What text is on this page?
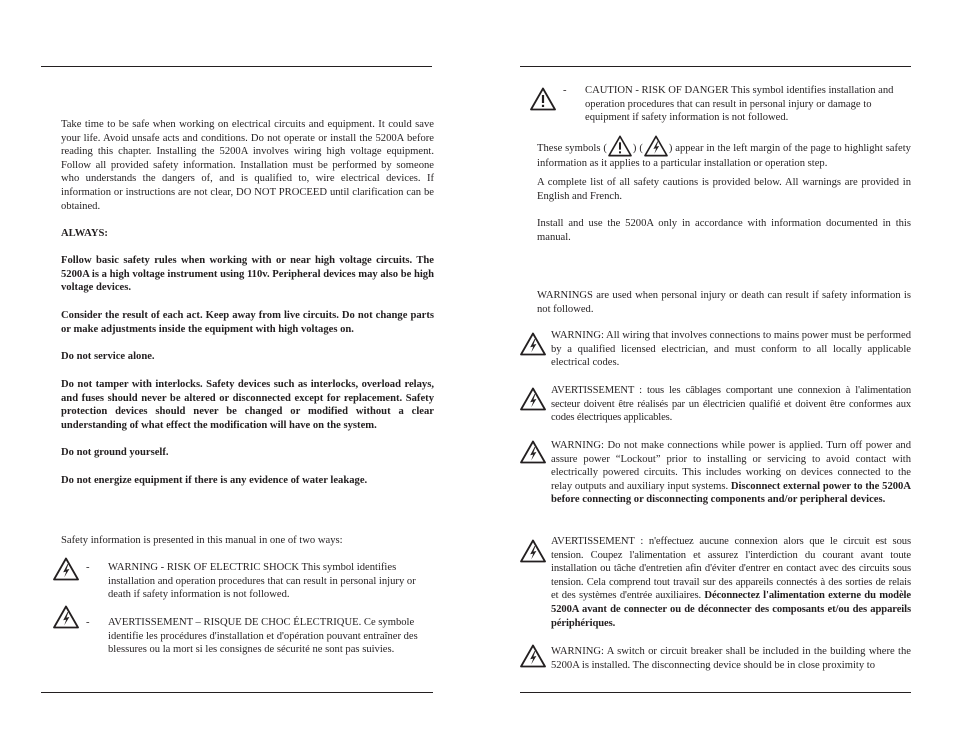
Take time to be safe when working on electrical circuits and equipment. It could save your life. Avoid unsafe acts and conditions. Do not operate or install the 5200A before reading this chapter. Installing the 5200A involves wiring high voltage equipment. Follow all provided safety information. Installation must be performed by someone who understands the dangers of, and is qualified to, wire electrical devices. If information or instructions are not clear, DO NOT PROCEED until clarification can be obtained.

ALWAYS:

Follow basic safety rules when working with or near high voltage circuits. The 5200A is a high voltage instrument using 110v. Peripheral devices may also be high voltage devices.

Consider the result of each act. Keep away from live circuits. Do not change parts or make adjustments inside the equipment with high voltages on.

Do not service alone.

Do not tamper with interlocks. Safety devices such as interlocks, overload relays, and fuses should never be altered or disconnected except for replacement. Safety protection devices should never be changed or modified without a clear understanding of what effect the modification will have on the system.

Do not ground yourself.

Do not energize equipment if there is any evidence of water leakage.

Safety information is presented in this manual in one of two ways:

- WARNING - RISK OF ELECTRIC SHOCK This symbol identifies installation and operation procedures that can result in personal injury or death if safety information is not followed.

- AVERTISSEMENT – RISQUE DE CHOC ÉLECTRIQUE. Ce symbole identifie les procédures d'installation et d'opération pouvant entraîner des blessures ou la mort si les consignes de sécurité ne sont pas suivies.

- CAUTION - RISK OF DANGER This symbol identifies installation and operation procedures that can result in personal injury or damage to equipment if safety information is not followed.

These symbols ( ) ( ) appear in the left margin of the page to highlight safety information as it applies to a particular installation or operation step.

A complete list of all safety cautions is provided below. All warnings are provided in English and French.

Install and use the 5200A only in accordance with information documented in this manual.

WARNINGS are used when personal injury or death can result if safety information is not followed.

WARNING: All wiring that involves connections to mains power must be performed by a qualified licensed electrician, and must conform to all locally applicable electrical codes.

AVERTISSEMENT : tous les câblages comportant une connexion à l'alimentation secteur doivent être réalisés par un électricien qualifié et doivent être conformes aux codes électriques applicables.

WARNING: Do not make connections while power is applied. Turn off power and assure power “Lockout” prior to installing or servicing to avoid contact with electrically powered circuits. This includes working on devices connected to the relay outputs and auxiliary input systems. Disconnect external power to the 5200A before connecting or disconnecting components and/or peripheral devices.

AVERTISSEMENT : n'effectuez aucune connexion alors que le circuit est sous tension. Coupez l'alimentation et assurez l'interdiction du courant avant toute installation ou tâche d'entretien afin d'éviter d'entrer en contact avec des circuits sous tension. Cela comprend tout travail sur des appareils connectés à des sorties de relais et des systèmes d'entrée auxiliaires. Déconnectez l'alimentation externe du modèle 5200A avant de connecter ou de déconnecter des composants et/ou des appareils périphériques.

WARNING: A switch or circuit breaker shall be included in the building where the 5200A is installed. The disconnecting device should be in close proximity to
